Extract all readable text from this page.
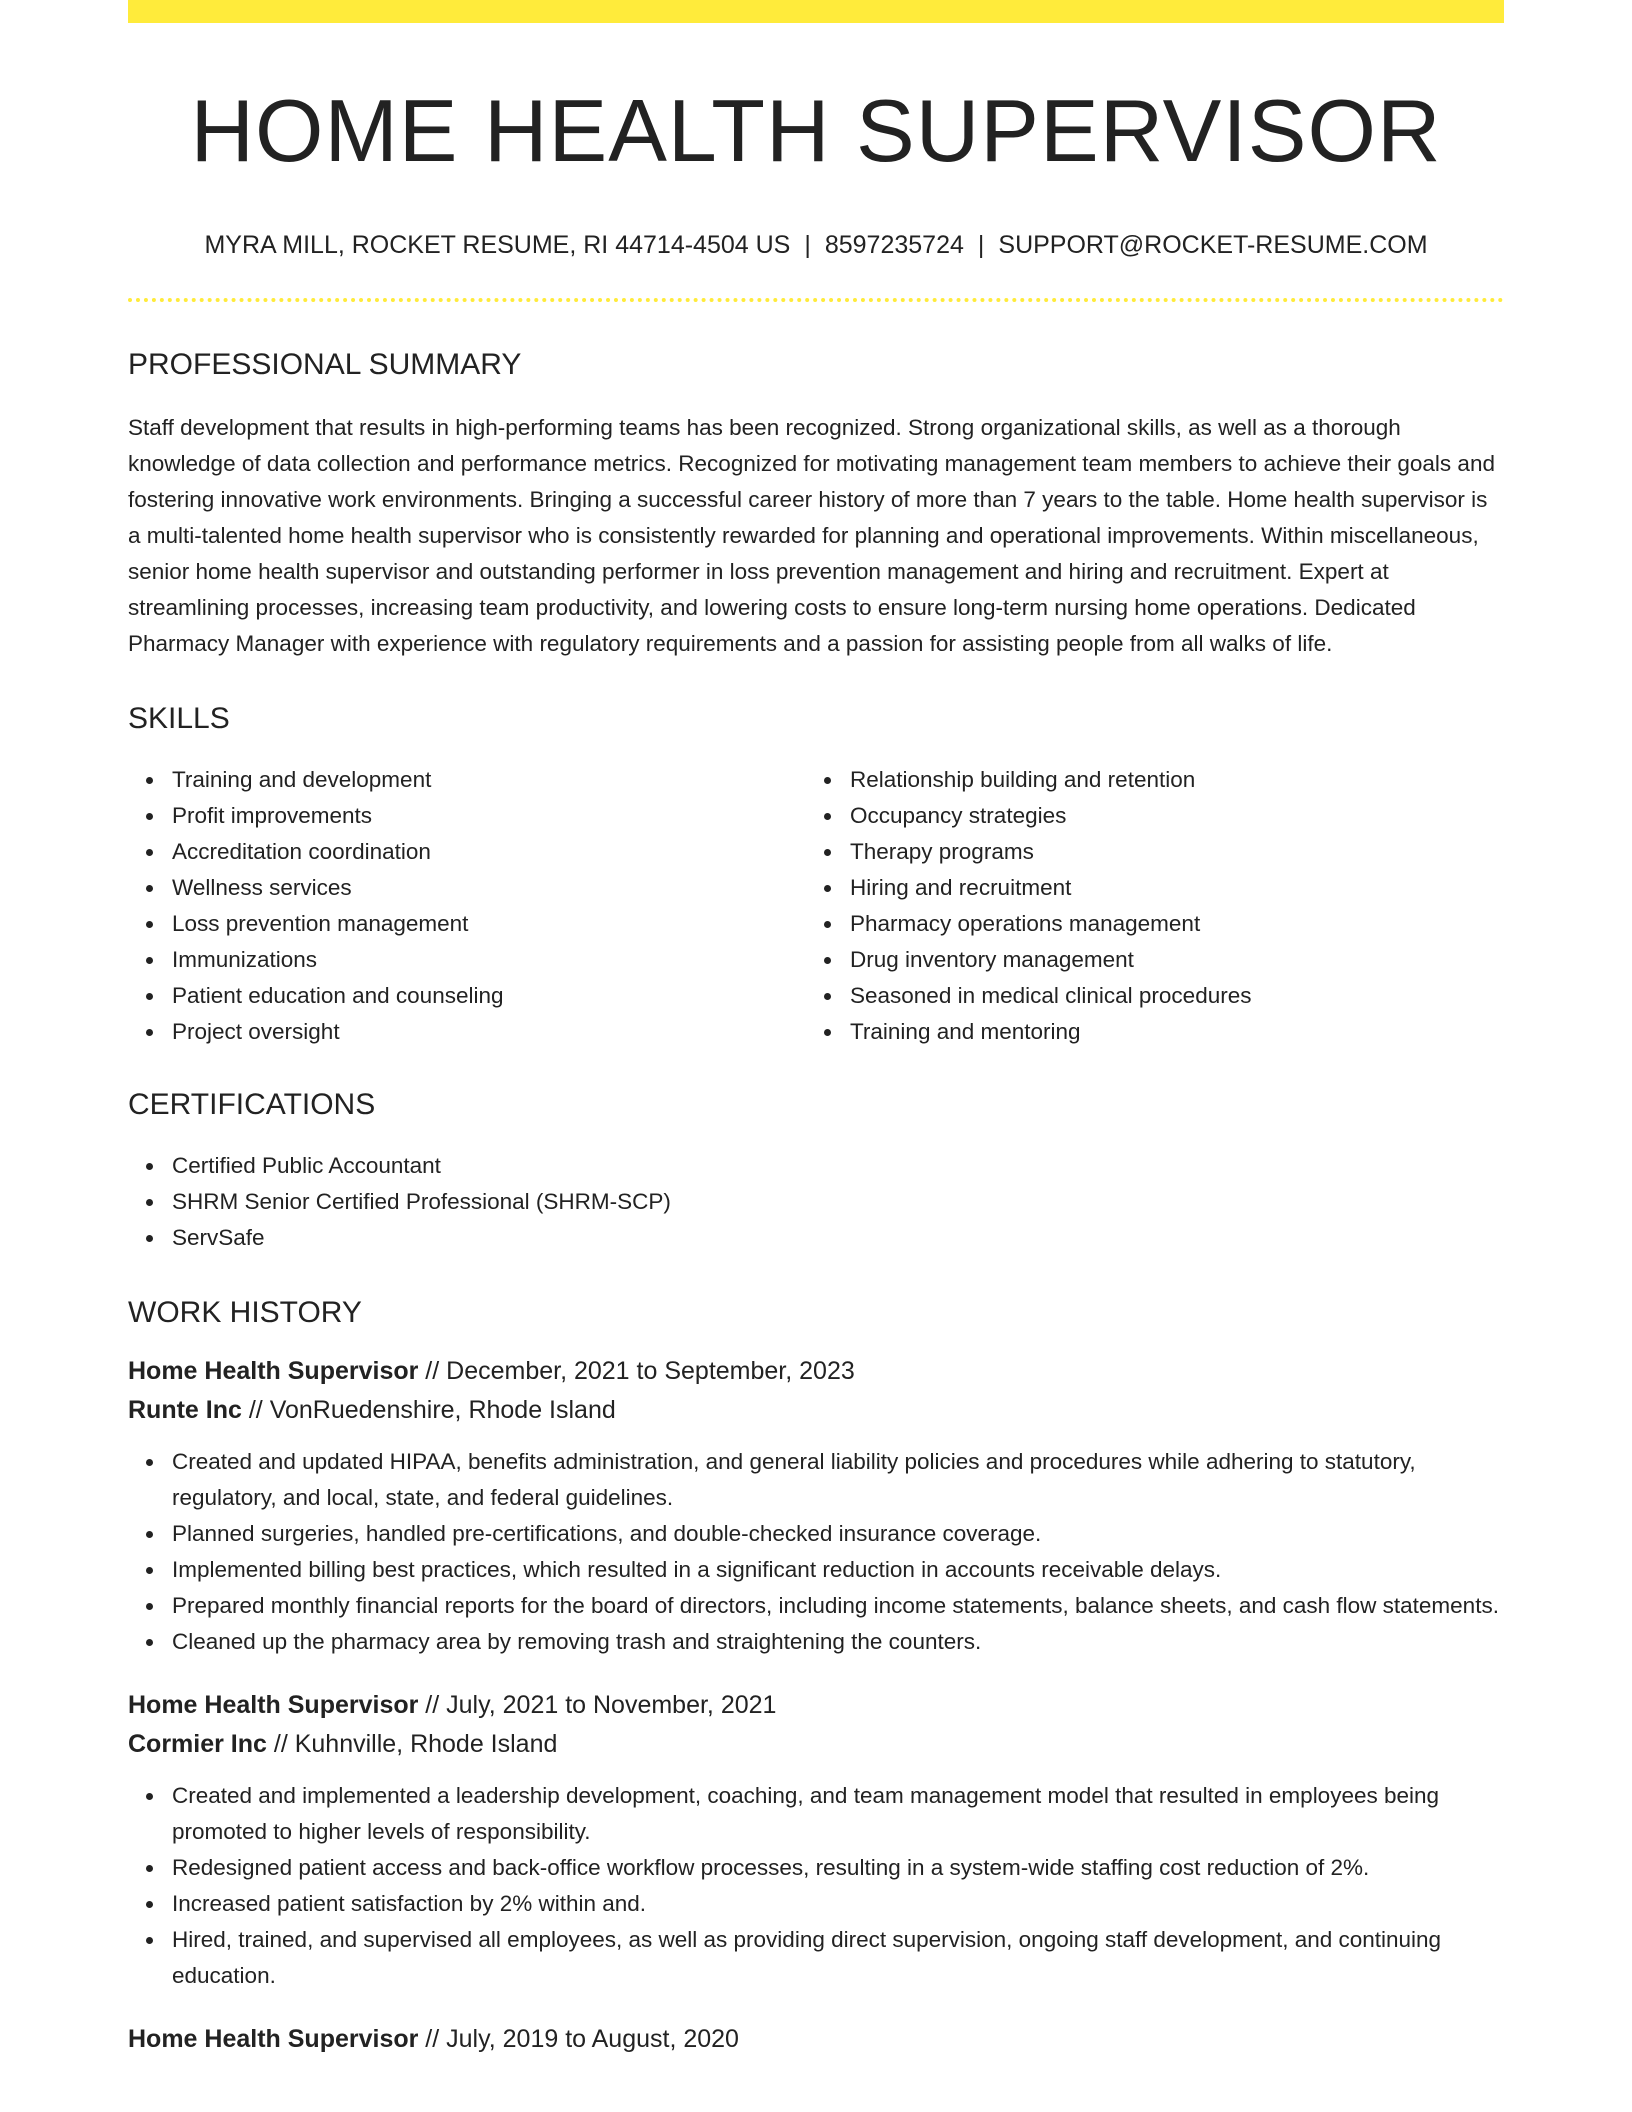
HOME HEALTH SUPERVISOR
MYRA MILL, ROCKET RESUME, RI 44714-4504 US | 8597235724 | SUPPORT@ROCKET-RESUME.COM
PROFESSIONAL SUMMARY

Staff development that results in high-performing teams has been recognized. Strong organizational skills, as well as a thorough knowledge of data collection and performance metrics. Recognized for motivating management team members to achieve their goals and fostering innovative work environments. Bringing a successful career history of more than 7 years to the table. Home health supervisor is a multi-talented home health supervisor who is consistently rewarded for planning and operational improvements. Within miscellaneous, senior home health supervisor and outstanding performer in loss prevention management and hiring and recruitment. Expert at streamlining processes, increasing team productivity, and lowering costs to ensure long-term nursing home operations. Dedicated Pharmacy Manager with experience with regulatory requirements and a passion for assisting people from all walks of life.

SKILLS
Training and development
Profit improvements
Accreditation coordination
Wellness services
Loss prevention management
Immunizations
Patient education and counseling
Project oversight
Relationship building and retention
Occupancy strategies
Therapy programs
Hiring and recruitment
Pharmacy operations management
Drug inventory management
Seasoned in medical clinical procedures
Training and mentoring
CERTIFICATIONS
Certified Public Accountant
SHRM Senior Certified Professional (SHRM-SCP)
ServSafe
WORK HISTORY
Home Health Supervisor // December, 2021 to September, 2023
Runte Inc // VonRuedenshire, Rhode Island
Created and updated HIPAA, benefits administration, and general liability policies and procedures while adhering to statutory, regulatory, and local, state, and federal guidelines.
Planned surgeries, handled pre-certifications, and double-checked insurance coverage.
Implemented billing best practices, which resulted in a significant reduction in accounts receivable delays.
Prepared monthly financial reports for the board of directors, including income statements, balance sheets, and cash flow statements.
Cleaned up the pharmacy area by removing trash and straightening the counters.
Home Health Supervisor // July, 2021 to November, 2021
Cormier Inc // Kuhnville, Rhode Island
Created and implemented a leadership development, coaching, and team management model that resulted in employees being promoted to higher levels of responsibility.
Redesigned patient access and back-office workflow processes, resulting in a system-wide staffing cost reduction of 2%.
Increased patient satisfaction by 2% within and.
Hired, trained, and supervised all employees, as well as providing direct supervision, ongoing staff development, and continuing education.
Home Health Supervisor // July, 2019 to August, 2020
